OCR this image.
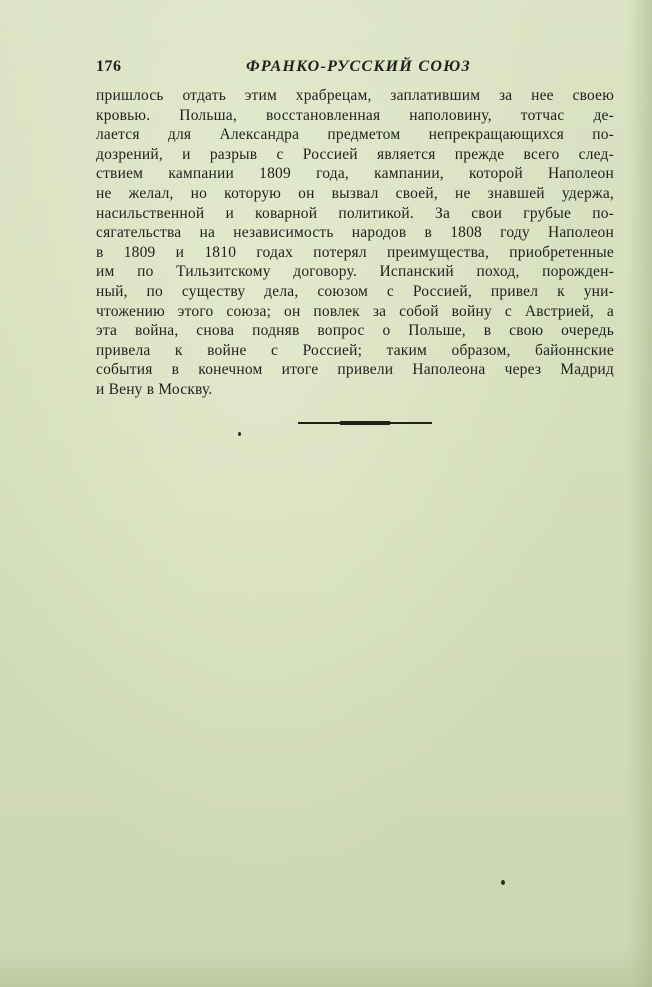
176	ФРАНКО-РУССКИЙ СОЮЗ
пришлось отдать этим храбрецам, заплатившим за нее своею
кровью. Польша, восстановленная наполовину, тотчас де-
лается для Александра предметом непрекращающихся по-
дозрений, и разрыв с Россией является прежде всего след-
ствием кампании 1809 года, кампании, которой Наполеон
не желал, но которую он вызвал своей, не знавшей удержа,
насильственной и коварной политикой. За свои грубые по-
сягательства на независимость народов в 1808 году Наполеон
в 1809 и 1810 годах потерял преимущества, приобретенные
им по Тильзитскому договору. Испанский поход, порожден-
ный, по существу дела, союзом с Россией, привел к уни-
чтожению этого союза; он повлек за собой войну с Австрией, а
эта война, снова подняв вопрос о Польше, в свою очередь
привела к войне с Россией; таким образом, байоннские
события в конечном итоге привели Наполеона через Мадрид
и Вену в Москву.
